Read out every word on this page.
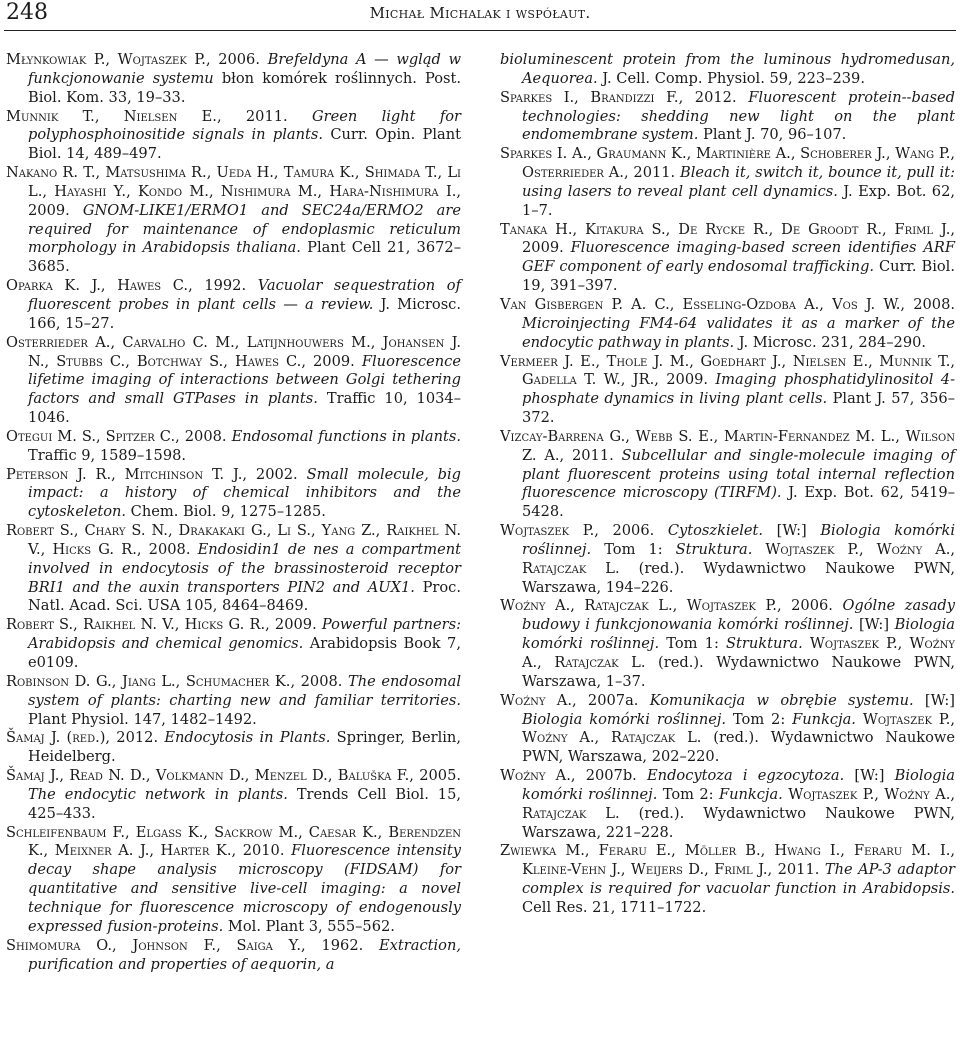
248	Michał Michalak i współaut.

Młynkowiak P., Wojtaszek P., 2006. Brefeldyna A — wgląd w funkcjonowanie systemu błon komórek roślinnych. Post. Biol. Kom. 33, 19–33.

Munnik T., Nielsen E., 2011. Green light for polyphosphoinositide signals in plants. Curr. Opin. Plant Biol. 14, 489–497.

Nakano R. T., Matsushima R., Ueda H., Tamura K., Shimada T., Li L., Hayashi Y., Kondo M., Nishimura M., Hara-Nishimura I., 2009. GNOM-LIKE1/ERMO1 and SEC24a/ERMO2 are required for maintenance of endoplasmic reticulum morphology in Arabidopsis thaliana. Plant Cell 21, 3672–3685.

Oparka K. J., Hawes C., 1992. Vacuolar sequestration of fluorescent probes in plant cells — a review. J. Microsc. 166, 15–27.

Osterrieder A., Carvalho C. M., Latijnhouwers M., Johansen J. N., Stubbs C., Botchway S., Hawes C., 2009. Fluorescence lifetime imaging of interactions between Golgi tethering factors and small GTPases in plants. Traffic 10, 1034–1046.

Otegui M. S., Spitzer C., 2008. Endosomal functions in plants. Traffic 9, 1589–1598.

Peterson J. R., Mitchinson T. J., 2002. Small molecule, big impact: a history of chemical inhibitors and the cytoskeleton. Chem. Biol. 9, 1275–1285.

Robert S., Chary S. N., Drakakaki G., Li S., Yang Z., Raikhel N. V., Hicks G. R., 2008. Endosidin1 de nes a compartment involved in endocytosis of the brassinosteroid receptor BRI1 and the auxin transporters PIN2 and AUX1. Proc. Natl. Acad. Sci. USA 105, 8464–8469.

Robert S., Raikhel N. V., Hicks G. R., 2009. Powerful partners: Arabidopsis and chemical genomics. Arabidopsis Book 7, e0109.

Robinson D. G., Jiang L., Schumacher K., 2008. The endosomal system of plants: charting new and familiar territories. Plant Physiol. 147, 1482–1492.

Šamaj J. (red.), 2012. Endocytosis in Plants. Springer, Berlin, Heidelberg.

Šamaj J., Read N. D., Volkmann D., Menzel D., Baluška F., 2005. The endocytic network in plants. Trends Cell Biol. 15, 425–433.

Schleifenbaum F., Elgass K., Sackrow M., Caesar K., Berendzen K., Meixner A. J., Harter K., 2010. Fluorescence intensity decay shape analysis microscopy (FIDSAM) for quantitative and sensitive live-cell imaging: a novel technique for fluorescence microscopy of endogenously expressed fusion-proteins. Mol. Plant 3, 555–562.

Shimomura O., Johnson F., Saiga Y., 1962. Extraction, purification and properties of aequorin, a

bioluminescent protein from the luminous hydromedusan, Aequorea. J. Cell. Comp. Physiol. 59, 223–239.

Sparkes I., Brandizzi F., 2012. Fluorescent protein--based technologies: shedding new light on the plant endomembrane system. Plant J. 70, 96–107.

Sparkes I. A., Graumann K., Martinière A., Schoberer J., Wang P., Osterrieder A., 2011. Bleach it, switch it, bounce it, pull it: using lasers to reveal plant cell dynamics. J. Exp. Bot. 62, 1–7.

Tanaka H., Kitakura S., De Rycke R., De Groodt R., Friml J., 2009. Fluorescence imaging-based screen identifies ARF GEF component of early endosomal trafficking. Curr. Biol. 19, 391–397.

Van Gisbergen P. A. C., Esseling-Ozdoba A., Vos J. W., 2008. Microinjecting FM4-64 validates it as a marker of the endocytic pathway in plants. J. Microsc. 231, 284–290.

Vermeer J. E., Thole J. M., Goedhart J., Nielsen E., Munnik T., Gadella T. W., JR., 2009. Imaging phosphatidylinositol 4-phosphate dynamics in living plant cells. Plant J. 57, 356–372.

Vizcay-Barrena G., Webb S. E., Martin-Fernandez M. L., Wilson Z. A., 2011. Subcellular and single-molecule imaging of plant fluorescent proteins using total internal reflection fluorescence microscopy (TIRFM). J. Exp. Bot. 62, 5419–5428.

Wojtaszek P., 2006. Cytoszkielet. [W:] Biologia komórki roślinnej. Tom 1: Struktura. Wojtaszek P., Woźny A., Ratajczak L. (red.). Wydawnictwo Naukowe PWN, Warszawa, 194–226.

Woźny A., Ratajczak L., Wojtaszek P., 2006. Ogólne zasady budowy i funkcjonowania komórki roślinnej. [W:] Biologia komórki roślinnej. Tom 1: Struktura. Wojtaszek P., Woźny A., Ratajczak L. (red.). Wydawnictwo Naukowe PWN, Warszawa, 1–37.

Woźny A., 2007a. Komunikacja w obrębie systemu. [W:] Biologia komórki roślinnej. Tom 2: Funkcja. Wojtaszek P., Woźny A., Ratajczak L. (red.). Wydawnictwo Naukowe PWN, Warszawa, 202–220.

Woźny A., 2007b. Endocytoza i egzocytoza. [W:] Biologia komórki roślinnej. Tom 2: Funkcja. Wojtaszek P., Woźny A., Ratajczak L. (red.). Wydawnictwo Naukowe PWN, Warszawa, 221–228.

Zwiewka M., Feraru E., Möller B., Hwang I., Feraru M. I., Kleine-Vehn J., Weijers D., Friml J., 2011. The AP-3 adaptor complex is required for vacuolar function in Arabidopsis. Cell Res. 21, 1711–1722.
